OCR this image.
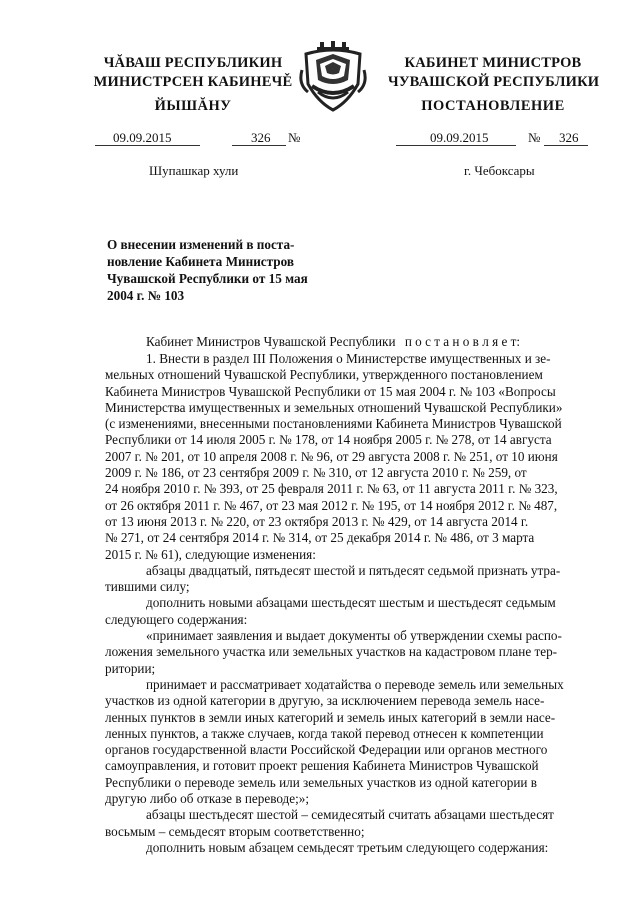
ЧĂВАШ РЕСПУБЛИКИН
МИНИСТРСЕН КАБИНЕЧĚ
ЙЫШĂНУ
КАБИНЕТ МИНИСТРОВ
ЧУВАШСКОЙ РЕСПУБЛИКИ
ПОСТАНОВЛЕНИЕ
09.09.2015	326 №
Шупашкар хули
09.09.2015	№ 326
г. Чебоксары
О внесении изменений в поста-
новление Кабинета Министров
Чувашской Республики от 15 мая
2004 г. № 103
Кабинет Министров Чувашской Республики п о с т а н о в л я е т:
1. Внести в раздел III Положения о Министерстве имущественных и зе-
мельных отношений Чувашской Республики, утвержденного постановлением
Кабинета Министров Чувашской Республики от 15 мая 2004 г. № 103 «Вопросы
Министерства имущественных и земельных отношений Чувашской Республики»
(с изменениями, внесенными постановлениями Кабинета Министров Чувашской
Республики от 14 июля 2005 г. № 178, от 14 ноября 2005 г. № 278, от 14 августа
2007 г. № 201, от 10 апреля 2008 г. № 96, от 29 августа 2008 г. № 251, от 10 июня
2009 г. № 186, от 23 сентября 2009 г. № 310, от 12 августа 2010 г. № 259, от
24 ноября 2010 г. № 393, от 25 февраля 2011 г. № 63, от 11 августа 2011 г. № 323,
от 26 октября 2011 г. № 467, от 23 мая 2012 г. № 195, от 14 ноября 2012 г. № 487,
от 13 июня 2013 г. № 220, от 23 октября 2013 г. № 429, от 14 августа 2014 г.
№ 271, от 24 сентября 2014 г. № 314, от 25 декабря 2014 г. № 486, от 3 марта
2015 г. № 61), следующие изменения:
абзацы двадцатый, пятьдесят шестой и пятьдесят седьмой признать утра-
тившими силу;
дополнить новыми абзацами шестьдесят шестым и шестьдесят седьмым
следующего содержания:
«принимает заявления и выдает документы об утверждении схемы распо-
ложения земельного участка или земельных участков на кадастровом плане тер-
ритории;
принимает и рассматривает ходатайства о переводе земель или земельных
участков из одной категории в другую, за исключением перевода земель насе-
ленных пунктов в земли иных категорий и земель иных категорий в земли насе-
ленных пунктов, а также случаев, когда такой перевод отнесен к компетенции
органов государственной власти Российской Федерации или органов местного
самоуправления, и готовит проект решения Кабинета Министров Чувашской
Республики о переводе земель или земельных участков из одной категории в
другую либо об отказе в переводе;»;
абзацы шестьдесят шестой – семидесятый считать абзацами шестьдесят
восьмым – семьдесят вторым соответственно;
дополнить новым абзацем семьдесят третьим следующего содержания:
